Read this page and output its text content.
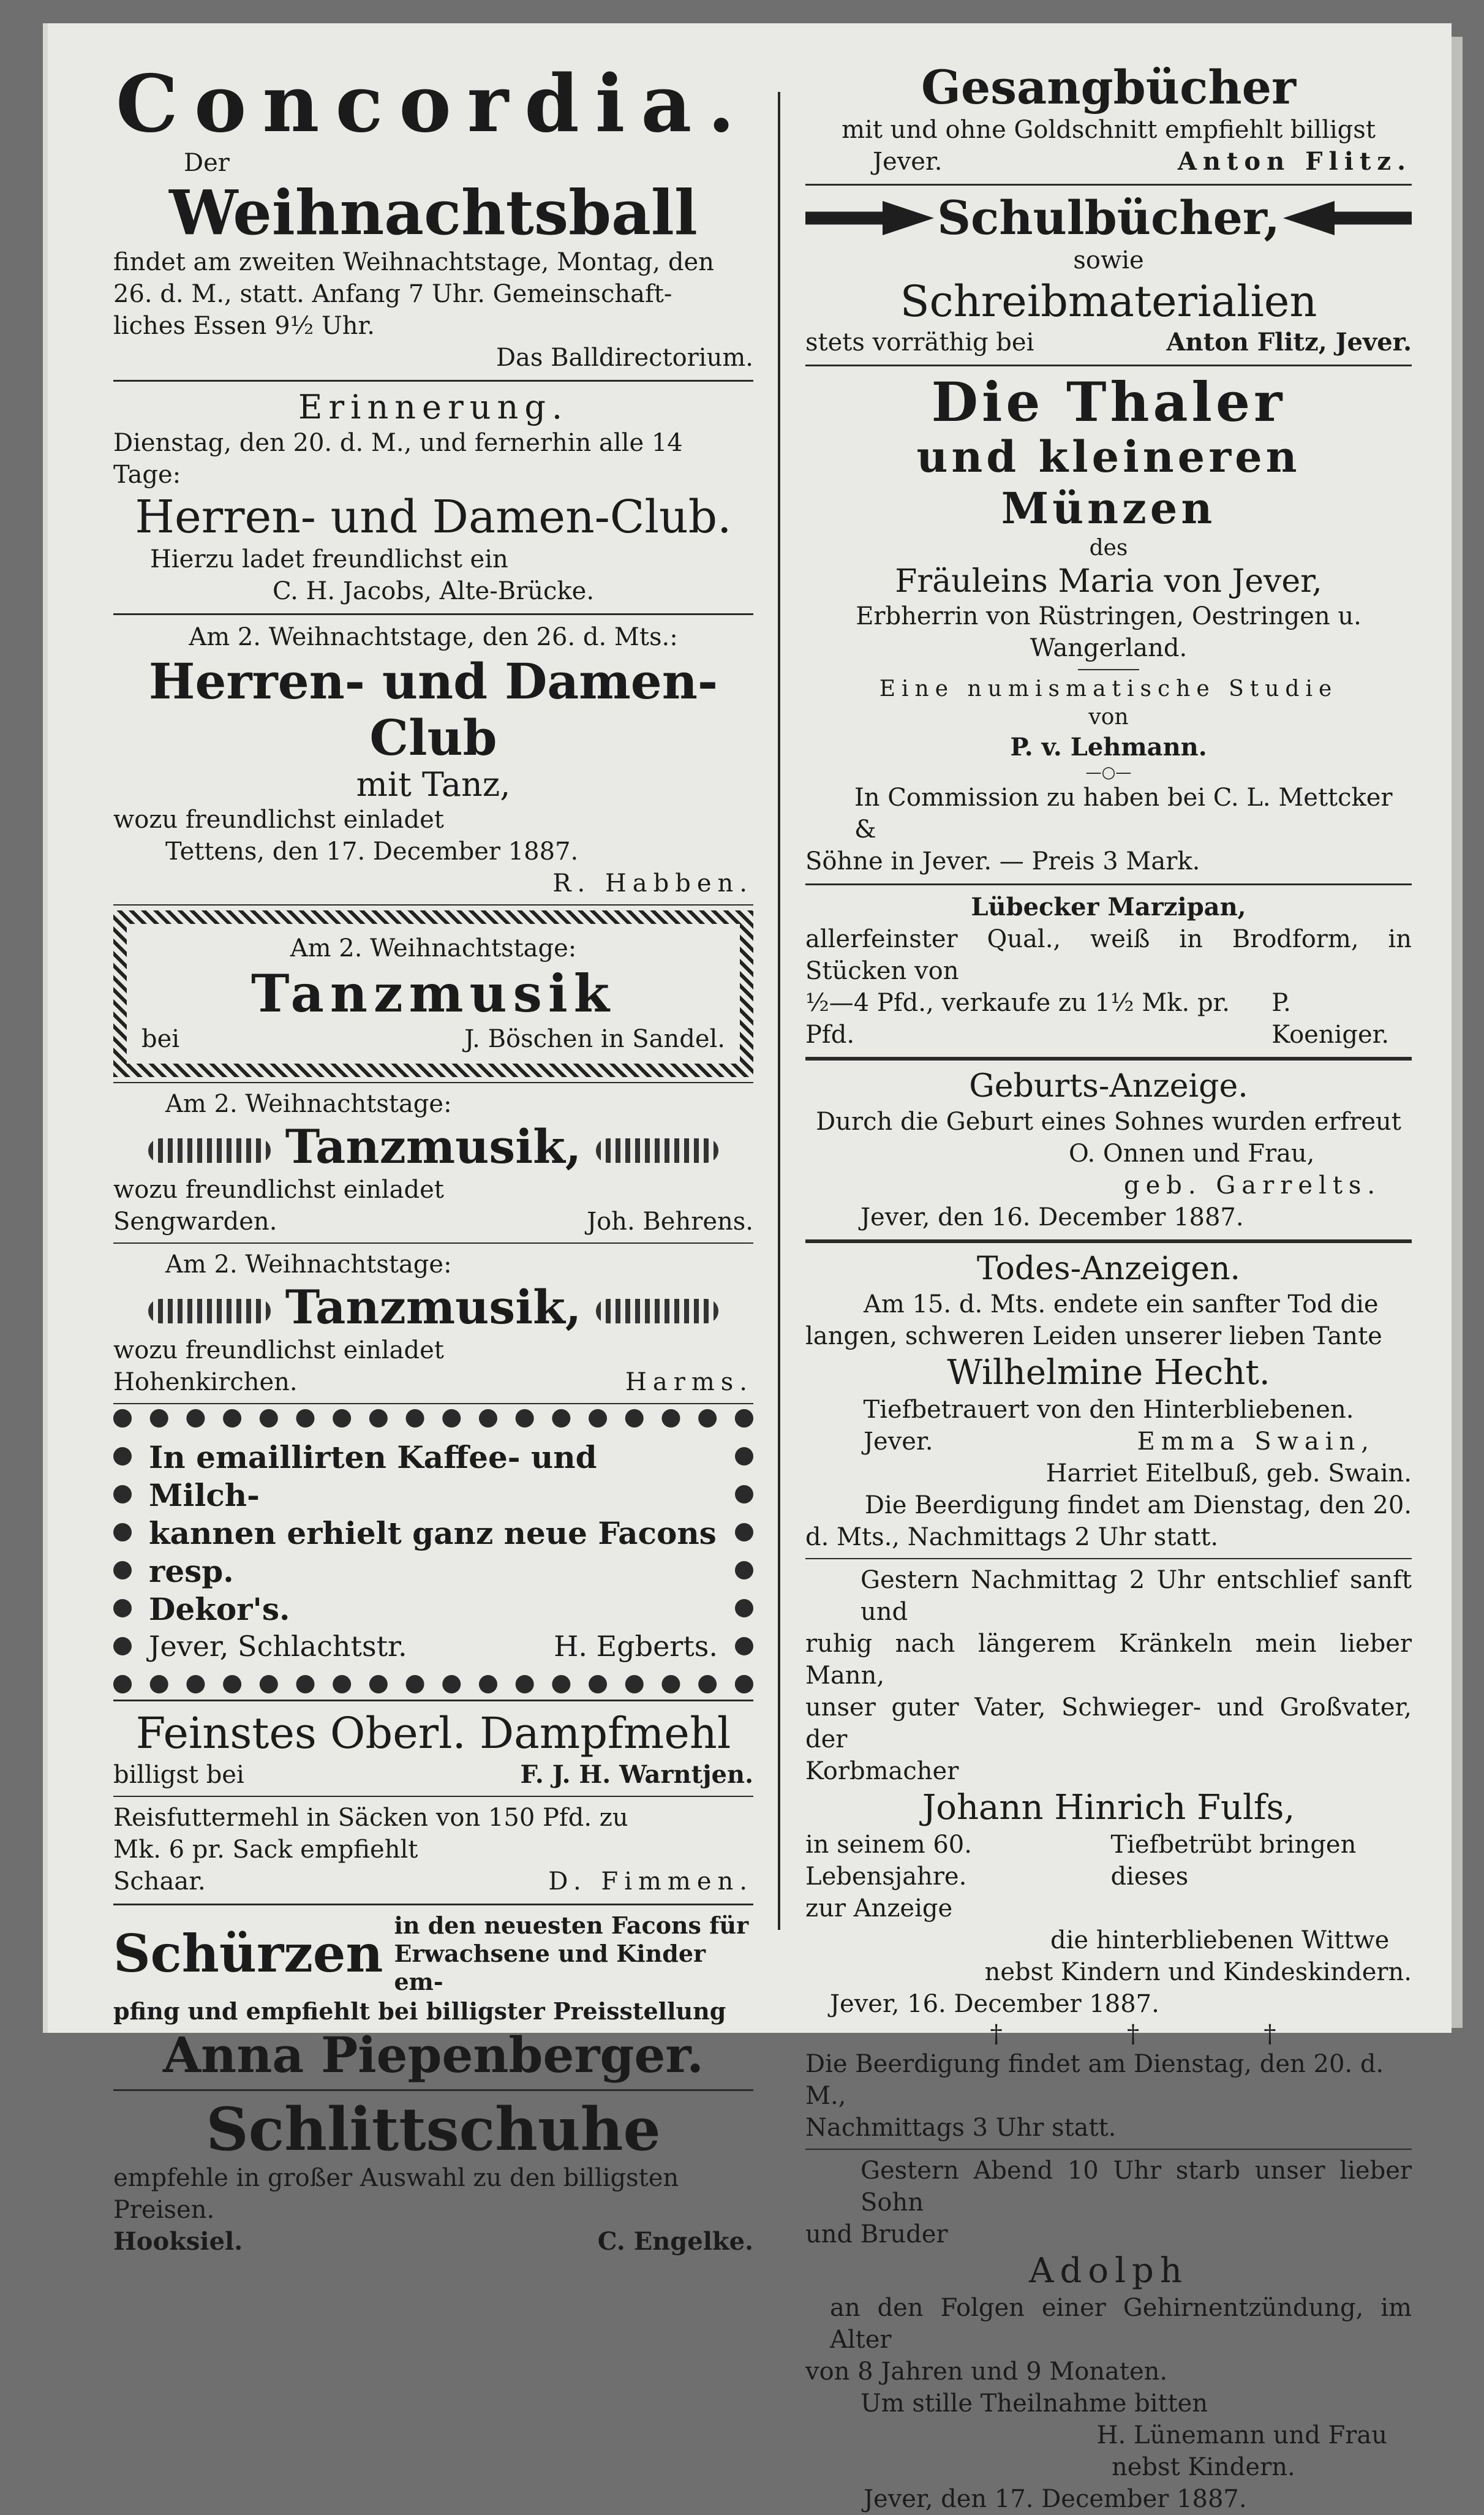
Concordia.
Der
Weihnachtsball
findet am zweiten Weihnachtstage, Montag, den
26. d. M., statt. Anfang 7 Uhr. Gemeinschaft-
liches Essen 9½ Uhr.
Das Balldirectorium.
Erinnerung.
Dienstag, den 20. d. M., und fernerhin alle 14 Tage:
Herren- und Damen-Club.
Hierzu ladet freundlichst ein
C. H. Jacobs, Alte-Brücke.
Am 2. Weihnachtstage, den 26. d. Mts.:
Herren- und Damen-Club
mit Tanz,
wozu freundlichst einladet
Tettens, den 17. December 1887.
R. Habben.
Am 2. Weihnachtstage:
Tanzmusik
bei	J. Böschen in Sandel.
Am 2. Weihnachtstage:
Tanzmusik,
wozu freundlichst einladet
Sengwarden.	Joh. Behrens.
Am 2. Weihnachtstage:
Tanzmusik,
wozu freundlichst einladet
Hohenkirchen.	Harms.
In emaillirten Kaffee- und Milch-
kannen erhielt ganz neue Facons resp.
Dekor's.
Jever, Schlachtstr.	H. Egberts.
Feinstes Oberl. Dampfmehl
billigst bei	F. J. H. Warntjen.
Reisfuttermehl in Säcken von 150 Pfd. zu
Mk. 6 pr. Sack empfiehlt
Schaar.	D. Fimmen.
Schürzen in den neuesten Facons für
Erwachsene und Kinder em-
pfing und empfiehlt bei billigster Preisstellung
Anna Piepenberger.
Schlittschuhe
empfehle in großer Auswahl zu den billigsten Preisen.
Hooksiel.	C. Engelke.
Gesangbücher
mit und ohne Goldschnitt empfiehlt billigst
Jever.	Anton Flitz.
Schulbücher,
sowie
Schreibmaterialien
stets vorräthig bei	Anton Flitz, Jever.
Die Thaler
und kleineren Münzen
des
Fräuleins Maria von Jever,
Erbherrin von Rüstringen, Oestringen u. Wangerland.
Eine numismatische Studie
von
P. v. Lehmann.
—○—
In Commission zu haben bei C. L. Mettcker &
Söhne in Jever. — Preis 3 Mark.
Lübecker Marzipan,
allerfeinster Qual., weiß in Brodform, in Stücken von
½—4 Pfd., verkaufe zu 1½ Mk. pr. Pfd.
P. Koeniger.
Geburts-Anzeige.
Durch die Geburt eines Sohnes wurden erfreut
O. Onnen und Frau,
geb. Garrelts.
Jever, den 16. December 1887.
Todes-Anzeigen.
Am 15. d. Mts. endete ein sanfter Tod die
langen, schweren Leiden unserer lieben Tante
Wilhelmine Hecht.
Tiefbetrauert von den Hinterbliebenen.
Jever.	Emma Swain,
Harriet Eitelbuß, geb. Swain.
Die Beerdigung findet am Dienstag, den 20.
d. Mts., Nachmittags 2 Uhr statt.
Gestern Nachmittag 2 Uhr entschlief sanft und
ruhig nach längerem Kränkeln mein lieber Mann,
unser guter Vater, Schwieger- und Großvater, der
Korbmacher
Johann Hinrich Fulfs,
in seinem 60. Lebensjahre.
Tiefbetrübt bringen dieses
zur Anzeige
die hinterbliebenen Wittwe
nebst Kindern und Kindeskindern.
Jever, 16. December 1887.
†	†	†
Die Beerdigung findet am Dienstag, den 20. d. M.,
Nachmittags 3 Uhr statt.
Gestern Abend 10 Uhr starb unser lieber Sohn
und Bruder
Adolph
an den Folgen einer Gehirnentzündung, im Alter
von 8 Jahren und 9 Monaten.
Um stille Theilnahme bitten
H. Lünemann und Frau
nebst Kindern.
Jever, den 17. December 1887.
